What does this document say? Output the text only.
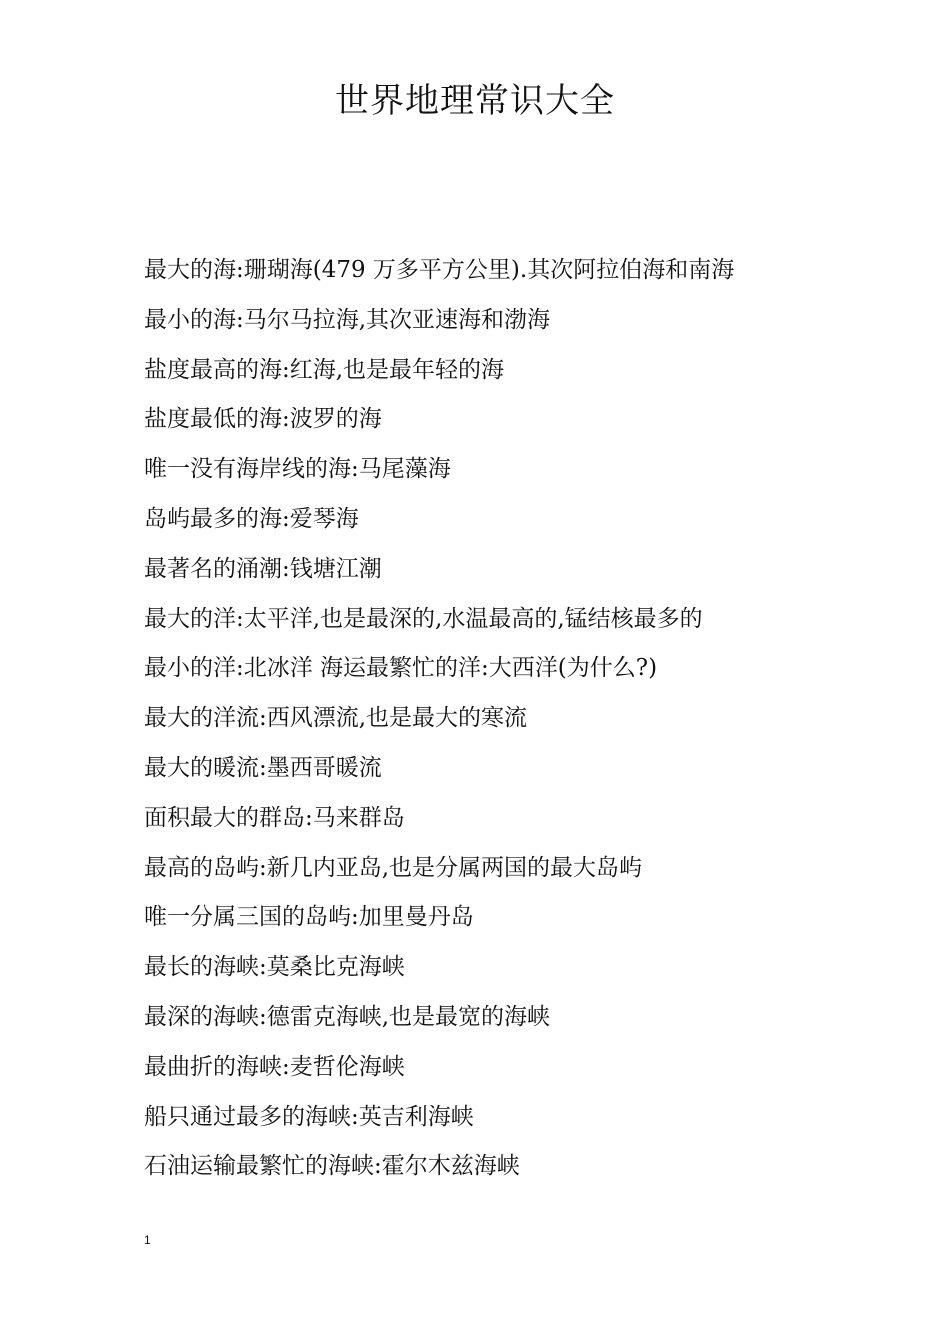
世界地理常识大全
最大的海:珊瑚海(479 万多平方公里).其次阿拉伯海和南海
最小的海:马尔马拉海,其次亚速海和渤海
盐度最高的海:红海,也是最年轻的海
盐度最低的海:波罗的海
唯一没有海岸线的海:马尾藻海
岛屿最多的海:爱琴海
最著名的涌潮:钱塘江潮
最大的洋:太平洋,也是最深的,水温最高的,锰结核最多的
最小的洋:北冰洋 海运最繁忙的洋:大西洋(为什么?)
最大的洋流:西风漂流,也是最大的寒流
最大的暖流:墨西哥暖流
面积最大的群岛:马来群岛
最高的岛屿:新几内亚岛,也是分属两国的最大岛屿
唯一分属三国的岛屿:加里曼丹岛
最长的海峡:莫桑比克海峡
最深的海峡:德雷克海峡,也是最宽的海峡
最曲折的海峡:麦哲伦海峡
船只通过最多的海峡:英吉利海峡
石油运输最繁忙的海峡:霍尔木兹海峡
1
